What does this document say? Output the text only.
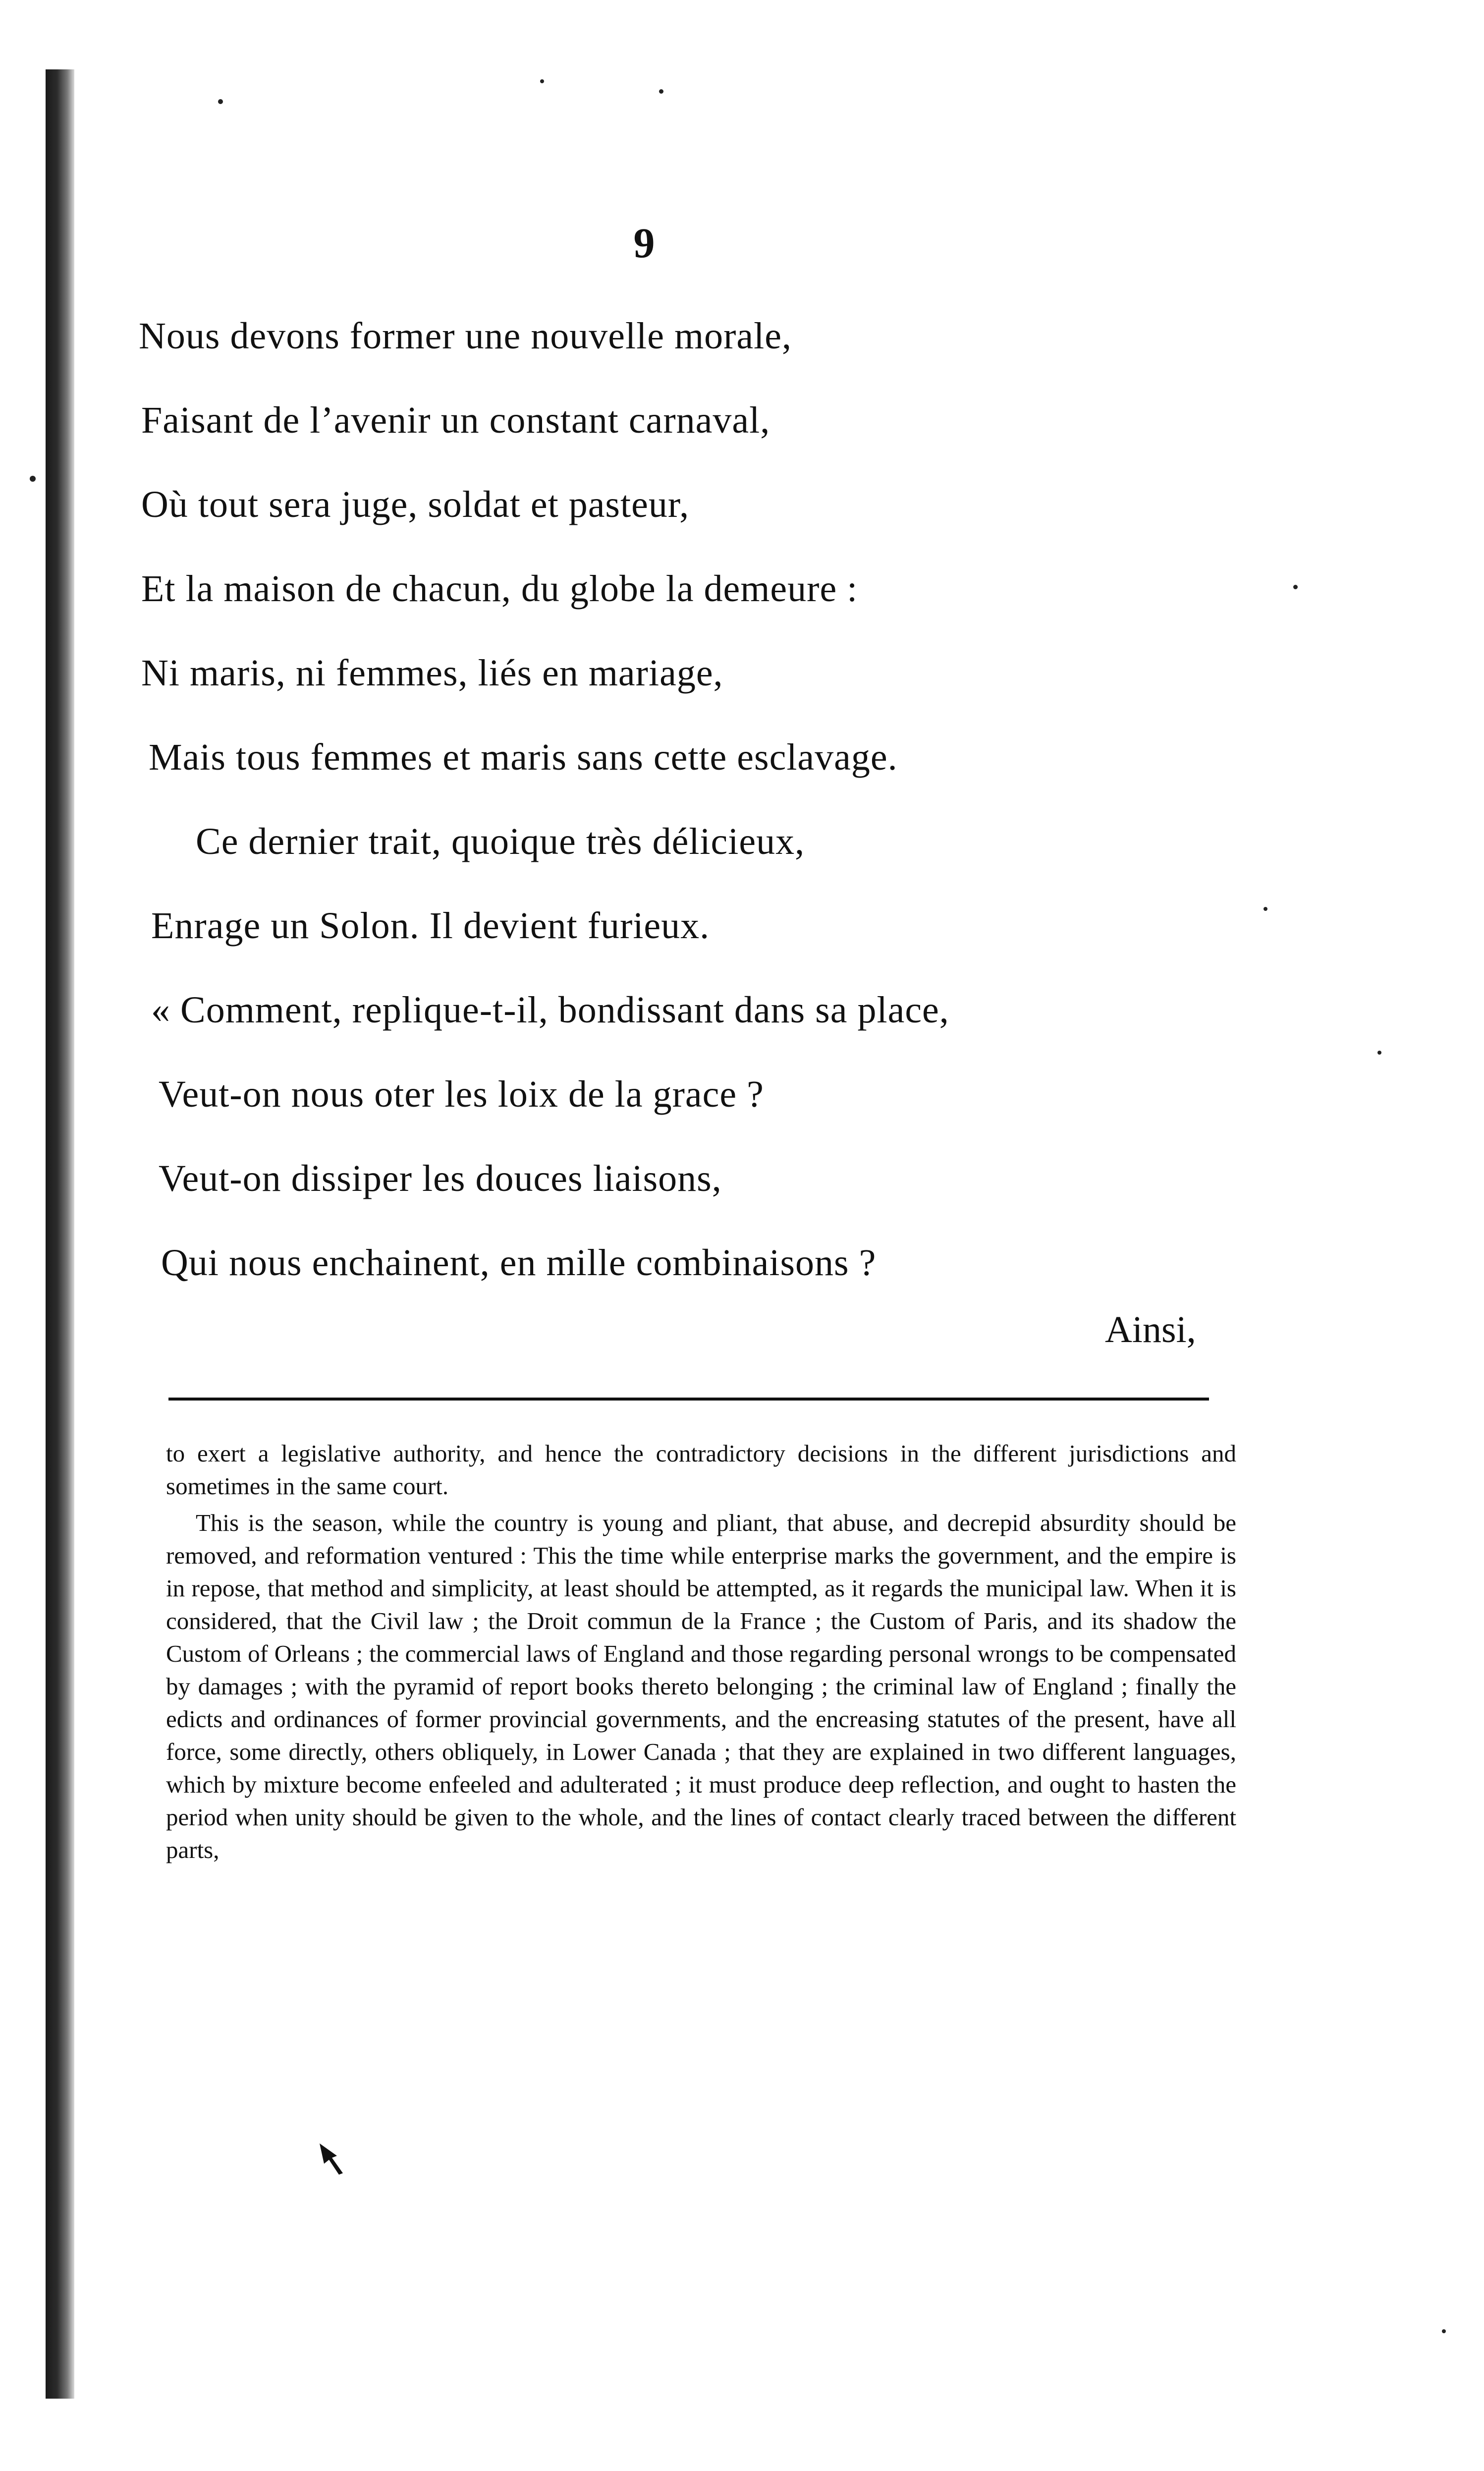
9
Nous devons former une nouvelle morale,
Faisant de l’avenir un constant carnaval,
Où tout sera juge, soldat et pasteur,
Et la maison de chacun, du globe la demeure :
Ni maris, ni femmes, liés en mariage,
Mais tous femmes et maris sans cette esclavage.
Ce dernier trait, quoique très délicieux,
Enrage un Solon. Il devient furieux.
« Comment, replique-t-il, bondissant dans sa place,
Veut-on nous oter les loix de la grace ?
Veut-on dissiper les douces liaisons,
Qui nous enchainent, en mille combinaisons ?
Ainsi,

to exert a legislative authority, and hence the contradictory decisions in the different jurisdictions and sometimes in the same court.

This is the season, while the country is young and pliant, that abuse, and decrepid absurdity should be removed, and reformation ventured : This the time while enterprise marks the government, and the empire is in repose, that method and simplicity, at least should be attempted, as it regards the municipal law. When it is considered, that the Civil law ; the Droit commun de la France ; the Custom of Paris, and its shadow the Custom of Orleans ; the commercial laws of England and those regarding personal wrongs to be compensated by damages ; with the pyramid of report books thereto belonging ; the criminal law of England ; finally the edicts and ordinances of former provincial governments, and the encreasing statutes of the present, have all force, some directly, others obliquely, in Lower Canada ; that they are explained in two different languages, which by mixture become enfeeled and adulterated ; it must produce deep reflection, and ought to hasten the period when unity should be given to the whole, and the lines of contact clearly traced between the different parts,
